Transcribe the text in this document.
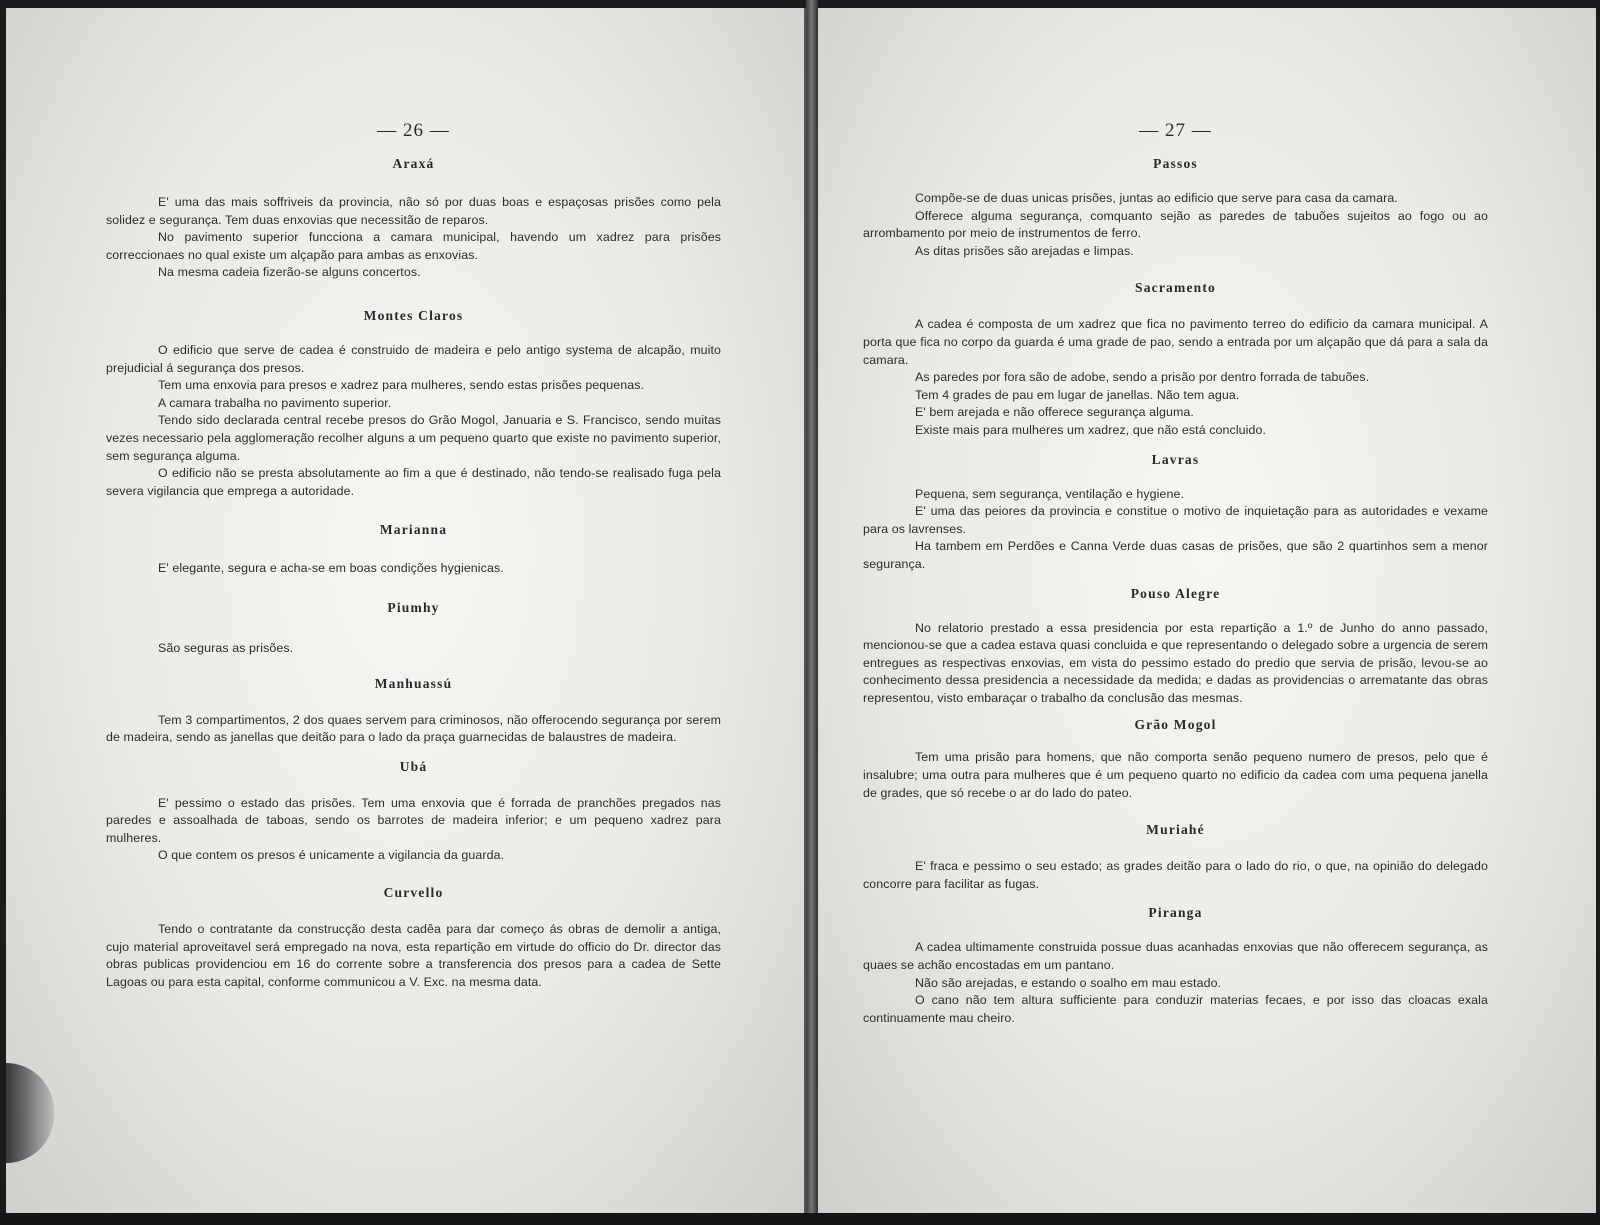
— 26 —
Araxá

E' uma das mais soffriveis da provincia, não só por duas boas e espaçosas prisões como pela solidez e segurança. Tem duas enxovias que necessitão de reparos.

No pavimento superior funcciona a camara municipal, havendo um xadrez para prisões correccionaes no qual existe um alçapão para ambas as enxovias.

Na mesma cadeia fizerão-se alguns concertos.

Montes Claros

O edificio que serve de cadea é construido de madeira e pelo antigo systema de alcapão, muito prejudicial á segurança dos presos.

Tem uma enxovia para presos e xadrez para mulheres, sendo estas prisões pequenas.

A camara trabalha no pavimento superior.

Tendo sido declarada central recebe presos do Grão Mogol, Januaria e S. Francisco, sendo muitas vezes necessario pela agglomeração recolher alguns a um pequeno quarto que existe no pavimento superior, sem segurança alguma.

O edificio não se presta absolutamente ao fim a que é destinado, não tendo-se realisado fuga pela severa vigilancia que emprega a autoridade.

Marianna

E' elegante, segura e acha-se em boas condições hygienicas.

Piumhy

São seguras as prisões.

Manhuassú

Tem 3 compartimentos, 2 dos quaes servem para criminosos, não offerocendo segurança por serem de madeira, sendo as janellas que deitão para o lado da praça guarnecidas de balaustres de madeira.

Ubá

E' pessimo o estado das prisões. Tem uma enxovia que é forrada de pranchões pregados nas paredes e assoalhada de taboas, sendo os barrotes de madeira inferior; e um pequeno xadrez para mulheres.

O que contem os presos é unicamente a vigilancia da guarda.

Curvello

Tendo o contratante da construcção desta cadêa para dar começo ás obras de demolir a antiga, cujo material aproveitavel será empregado na nova, esta repartição em virtude do officio do Dr. director das obras publicas providenciou em 16 do corrente sobre a transferencia dos presos para a cadea de Sette Lagoas ou para esta capital, conforme communicou a V. Exc. na mesma data.

— 27 —
Passos

Compõe-se de duas unicas prisões, juntas ao edificio que serve para casa da camara.

Offerece alguma segurança, comquanto sejão as paredes de tabuões sujeitos ao fogo ou ao arrombamento por meio de instrumentos de ferro.

As ditas prisões são arejadas e limpas.

Sacramento

A cadea é composta de um xadrez que fica no pavimento terreo do edificio da camara municipal. A porta que fica no corpo da guarda é uma grade de pao, sendo a entrada por um alçapão que dá para a sala da camara.

As paredes por fora são de adobe, sendo a prisão por dentro forrada de tabuões.

Tem 4 grades de pau em lugar de janellas. Não tem agua.

E' bem arejada e não offerece segurança alguma.

Existe mais para mulheres um xadrez, que não está concluido.

Lavras

Pequena, sem segurança, ventilação e hygiene.

E' uma das peiores da provincia e constitue o motivo de inquietação para as autoridades e vexame para os lavrenses.

Ha tambem em Perdões e Canna Verde duas casas de prisões, que são 2 quartinhos sem a menor segurança.

Pouso Alegre

No relatorio prestado a essa presidencia por esta repartição a 1.º de Junho do anno passado, mencionou-se que a cadea estava quasi concluida e que representando o delegado sobre a urgencia de serem entregues as respectivas enxovias, em vista do pessimo estado do predio que servia de prisão, levou-se ao conhecimento dessa presidencia a necessidade da medida; e dadas as providencias o arrematante das obras representou, visto embaraçar o trabalho da conclusão das mesmas.

Grão Mogol

Tem uma prisão para homens, que não comporta senão pequeno numero de presos, pelo que é insalubre; uma outra para mulheres que é um pequeno quarto no edificio da cadea com uma pequena janella de grades, que só recebe o ar do lado do pateo.

Muriahé

E' fraca e pessimo o seu estado; as grades deitão para o lado do rio, o que, na opinião do delegado concorre para facilitar as fugas.

Piranga

A cadea ultimamente construida possue duas acanhadas enxovias que não offerecem segurança, as quaes se achão encostadas em um pantano.

Não são arejadas, e estando o soalho em mau estado.

O cano não tem altura sufficiente para conduzir materias fecaes, e por isso das cloacas exala continuamente mau cheiro.
